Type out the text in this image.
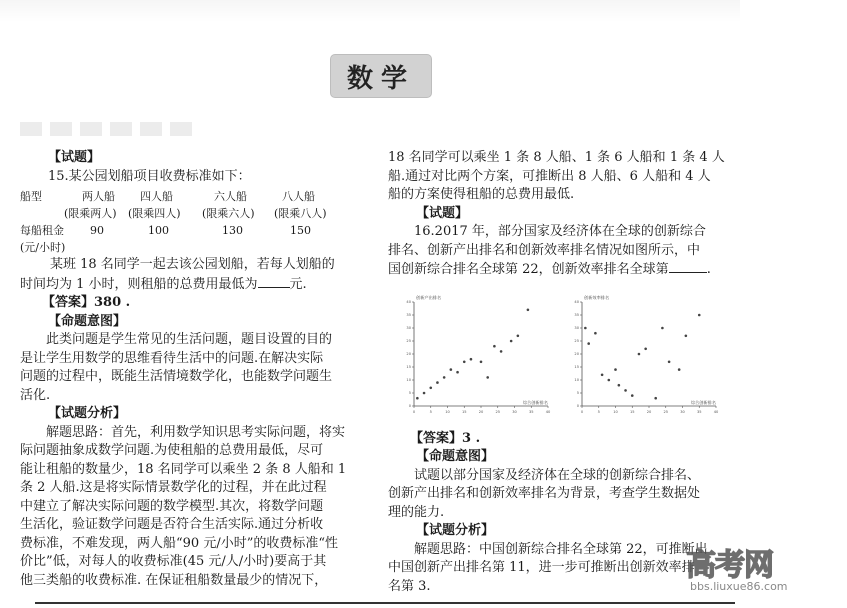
数学
【试题】
15.某公园划船项目收费标准如下：
船型	两人船 四人船	六人船	八人船
(限乘两人) (限乘四人) (限乘六人) (限乘八人)
每船租金 90	100	130	150
(元/小时)
某班 18 名同学一起去该公园划船，若每人划船的
时间均为 1 小时，则租船的总费用最低为 元.
【答案】380 .
【命题意图】
此类问题是学生常见的生活问题，题目设置的目的
是让学生用数学的思维看待生活中的问题.在解决实际
问题的过程中，既能生活情境数学化，也能数学问题生
活化.
【试题分析】
解题思路：首先，利用数学知识思考实际问题，将实
际问题抽象成数学问题.为使租船的总费用最低，尽可
能让租船的数量少，18 名同学可以乘坐 2 条 8 人船和 1
条 2 人船.这是将实际情景数学化的过程，并在此过程
中建立了解决实际问题的数学模型.其次，将数学问题
生活化，验证数学问题是否符合生活实际.通过分析收
费标准，不难发现，两人船“90 元/小时”的收费标准“性
价比”低，对每人的收费标准(45 元/人/小时)要高于其
他三类船的收费标准. 在保证租船数量最少的情况下，
18 名同学可以乘坐 1 条 8 人船、1 条 6 人船和 1 条 4 人
船.通过对比两个方案，可推断出 8 人船、6 人船和 4 人
船的方案使得租船的总费用最低.
【试题】
16.2017 年，部分国家及经济体在全球的创新综合
排名、创新产出排名和创新效率排名情况如图所示，中
国创新综合排名全球第 22，创新效率排名全球第	.
【答案】3 .
【命题意图】
试题以部分国家及经济体在全球的创新综合排名、
创新产出排名和创新效率排名为背景，考查学生数据处
理的能力.
【试题分析】
解题思路：中国创新综合排名全球第 22，可推断出
中国创新产出排名第 11，进一步可推断出创新效率排
名第 3.
0	5	10	15	20	25	30	35	40
0
5
10
15
20
25
30
35
40
创新产出排名
综合创新排名
0	5	10	15	20	25	30	35	40
0
5
10
15
20
25
30
35
40
创新效率排名
综合创新排名
高考网
bbs.liuxue86.com
